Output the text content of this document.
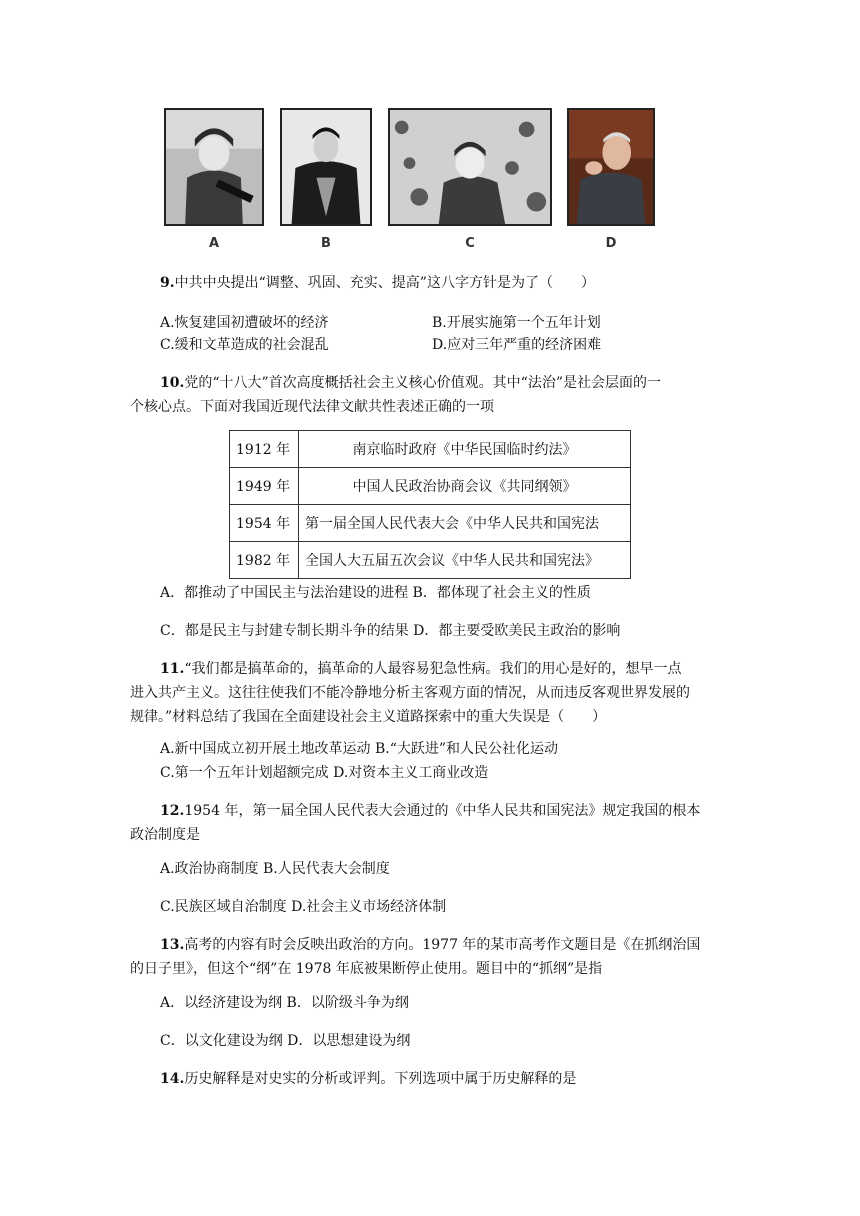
A	B	C	D
9.中共中央提出“调整、巩固、充实、提高”这八字方针是为了（　　）
A.恢复建国初遭破坏的经济	B.开展实施第一个五年计划
C.缓和文革造成的社会混乱	D.应对三年严重的经济困难
10.党的“十八大”首次高度概括社会主义核心价值观。其中“法治”是社会层面的一
个核心点。下面对我国近现代法律文献共性表述正确的一项
1912 年	南京临时政府《中华民国临时约法》
1949 年	中国人民政治协商会议《共同纲领》
1954 年	第一届全国人民代表大会《中华人民共和国宪法
1982 年	全国人大五届五次会议《中华人民共和国宪法》
A．都推动了中国民主与法治建设的进程 B．都体现了社会主义的性质
C．都是民主与封建专制长期斗争的结果 D．都主要受欧美民主政治的影响
11.“我们都是搞革命的，搞革命的人最容易犯急性病。我们的用心是好的，想早一点
进入共产主义。这往往使我们不能冷静地分析主客观方面的情况，从而违反客观世界发展的
规律。”材料总结了我国在全面建设社会主义道路探索中的重大失误是（　　）
A.新中国成立初开展土地改革运动 B.“大跃进”和人民公社化运动
C.第一个五年计划超额完成 D.对资本主义工商业改造
12.1954 年，第一届全国人民代表大会通过的《中华人民共和国宪法》规定我国的根本
政治制度是
A.政治协商制度 B.人民代表大会制度
C.民族区域自治制度 D.社会主义市场经济体制
13.高考的内容有时会反映出政治的方向。1977 年的某市高考作文题目是《在抓纲治国
的日子里》，但这个“纲”在 1978 年底被果断停止使用。题目中的“抓纲”是指
A．以经济建设为纲 B．以阶级斗争为纲
C．以文化建设为纲 D．以思想建设为纲
14.历史解释是对史实的分析或评判。下列选项中属于历史解释的是
